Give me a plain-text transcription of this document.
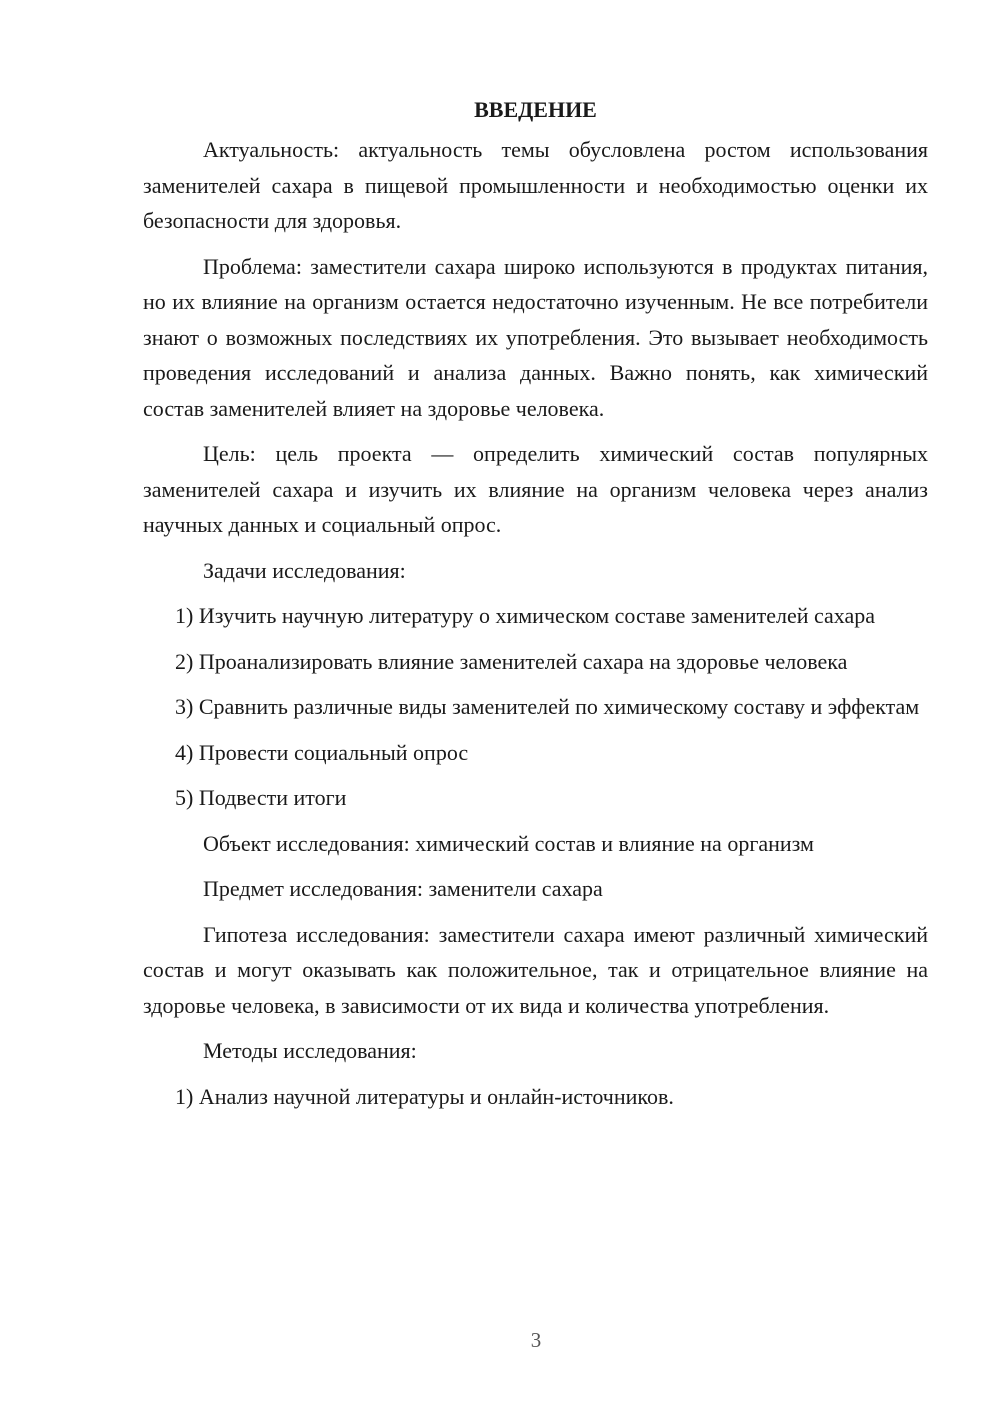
ВВЕДЕНИЕ

Актуальность: актуальность темы обусловлена ростом использования заменителей сахара в пищевой промышленности и необходимостью оценки их безопасности для здоровья.

Проблема: заместители сахара широко используются в продуктах питания, но их влияние на организм остается недостаточно изученным. Не все потребители знают о возможных последствиях их употребления. Это вызывает необходимость проведения исследований и анализа данных. Важно понять, как химический состав заменителей влияет на здоровье человека.

Цель: цель проекта — определить химический состав популярных заменителей сахара и изучить их влияние на организм человека через анализ научных данных и социальный опрос.

Задачи исследования:

1) Изучить научную литературу о химическом составе заменителей сахара

2) Проанализировать влияние заменителей сахара на здоровье человека

3) Сравнить различные виды заменителей по химическому составу и эффектам

4) Провести социальный опрос

5) Подвести итоги

Объект исследования: химический состав и влияние на организм

Предмет исследования: заменители сахара

Гипотеза исследования: заместители сахара имеют различный химический состав и могут оказывать как положительное, так и отрицательное влияние на здоровье человека, в зависимости от их вида и количества употребления.

Методы исследования:

1) Анализ научной литературы и онлайн-источников.

3
